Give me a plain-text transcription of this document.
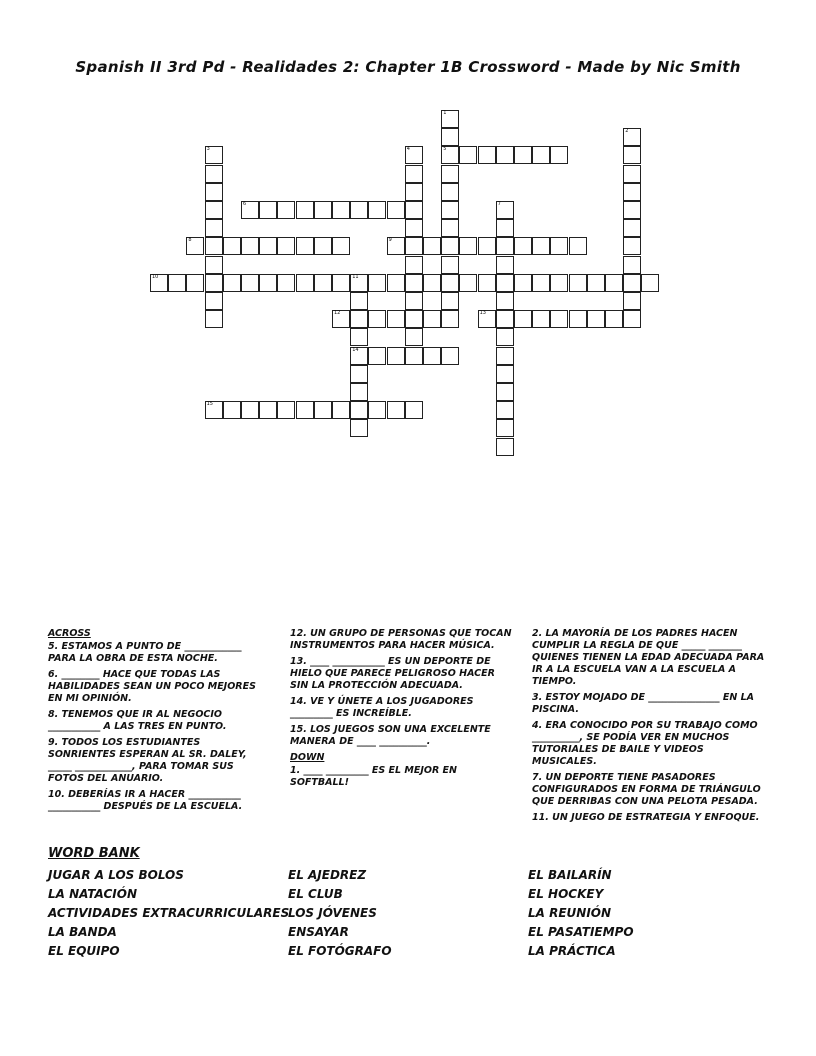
Spanish II 3rd Pd - Realidades 2: Chapter 1B Crossword - Made by Nic Smith
1
5
2
3	4
6	7
8	9
10	11
14
12	13
15
ACROSS
5. ESTAMOS A PUNTO DE ____________ PARA LA OBRA DE ESTA NOCHE.
6. ________ HACE QUE TODAS LAS HABILIDADES SEAN UN POCO MEJORES EN MI OPINIÓN.
8. TENEMOS QUE IR AL NEGOCIO ___________ A LAS TRES EN PUNTO.
9. TODOS LOS ESTUDIANTES SONRIENTES ESPERAN AL SR. DALEY, _____ ____________, PARA TOMAR SUS FOTOS DEL ANUARIO.
10. DEBERÍAS IR A HACER ___________ ___________ DESPUÉS DE LA ESCUELA.
12. UN GRUPO DE PERSONAS QUE TOCAN INSTRUMENTOS PARA HACER MÚSICA.
13. ____ ___________ ES UN DEPORTE DE HIELO QUE PARECE PELIGROSO HACER SIN LA PROTECCIÓN ADECUADA.
14. VE Y ÚNETE A LOS JUGADORES _________ ES INCREÍBLE.
15. LOS JUEGOS SON UNA EXCELENTE MANERA DE ____ __________.
DOWN
1. ____ _________ ES EL MEJOR EN SOFTBALL!
2. LA MAYORÍA DE LOS PADRES HACEN CUMPLIR LA REGLA DE QUE _____ _______ QUIENES TIENEN LA EDAD ADECUADA PARA IR A LA ESCUELA VAN A LA ESCUELA A TIEMPO.
3. ESTOY MOJADO DE _______________ EN LA PISCINA.
4. ERA CONOCIDO POR SU TRABAJO COMO __________, SE PODÍA VER EN MUCHOS TUTORIALES DE BAILE Y VIDEOS MUSICALES.
7. UN DEPORTE TIENE PASADORES CONFIGURADOS EN FORMA DE TRIÁNGULO QUE DERRIBAS CON UNA PELOTA PESADA.
11. UN JUEGO DE ESTRATEGIA Y ENFOQUE.
WORD BANK
JUGAR A LOS BOLOS
LA NATACIÓN
ACTIVIDADES EXTRACURRICULARES
LA BANDA
EL EQUIPO
EL AJEDREZ
EL CLUB
LOS JÓVENES
ENSAYAR
EL FOTÓGRAFO
EL BAILARÍN
EL HOCKEY
LA REUNIÓN
EL PASATIEMPO
LA PRÁCTICA
